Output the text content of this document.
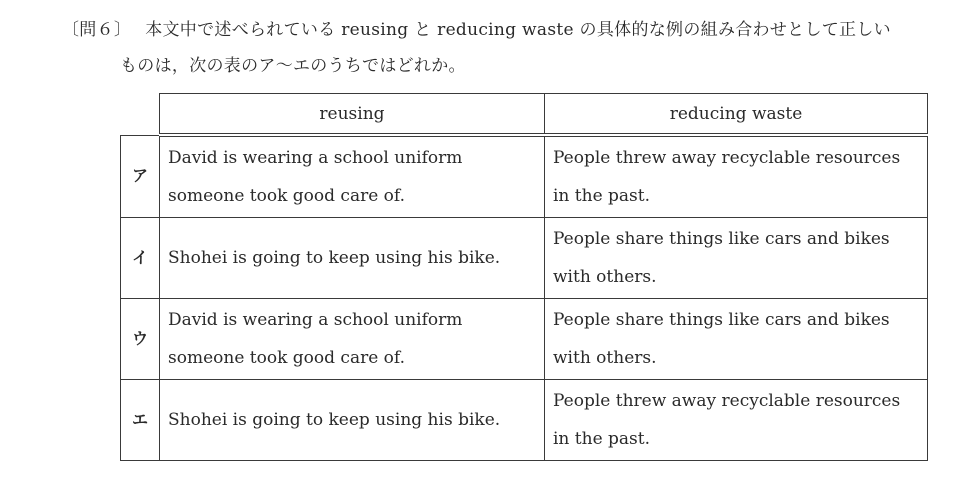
〔問６〕 本文中で述べられている reusing と reducing waste の具体的な例の組み合わせとして正しい
ものは，次の表のア～エのうちではどれか。
	reusing	reducing waste
ア	David is wearing a school uniform someone took good care of.	People threw away recyclable resources in the past.
イ	Shohei is going to keep using his bike.	People share things like cars and bikes with others.
ウ	David is wearing a school uniform someone took good care of.	People share things like cars and bikes with others.
エ	Shohei is going to keep using his bike.	People threw away recyclable resources in the past.
